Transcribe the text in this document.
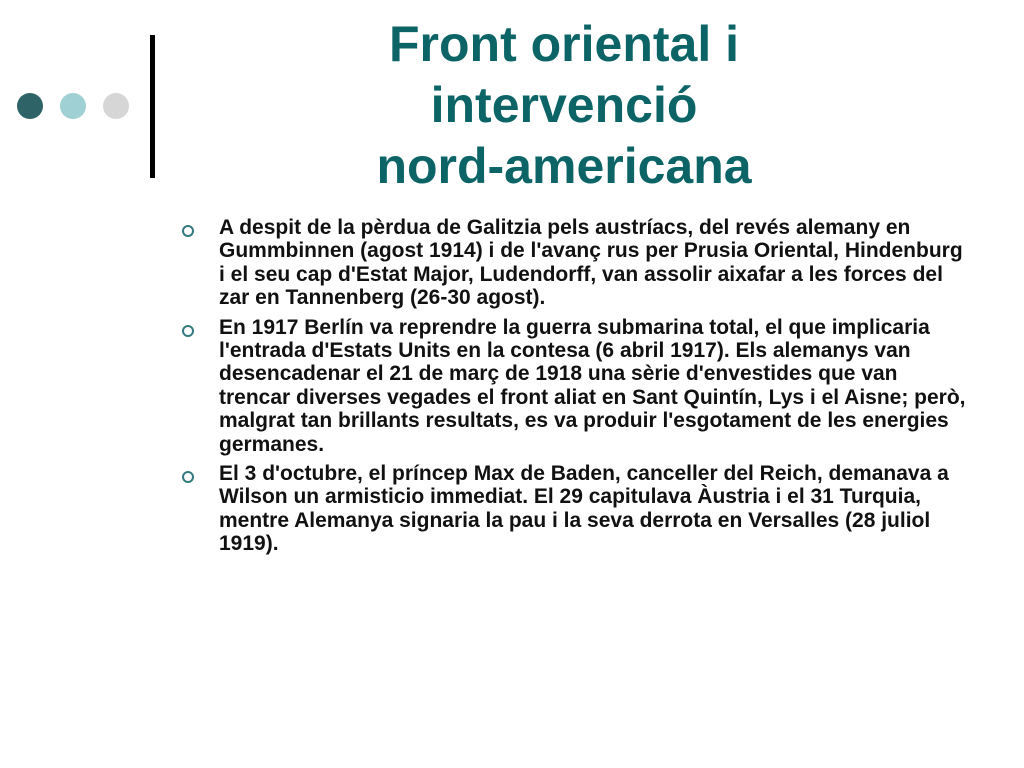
Front oriental i
intervenció
nord-americana
A despit de la pèrdua de Galitzia pels austríacs, del revés alemany en Gummbinnen (agost 1914) i de l'avanç rus per Prusia Oriental, Hindenburg i el seu cap d'Estat Major, Ludendorff, van assolir aixafar a les forces del zar en Tannenberg (26-30 agost).
En 1917 Berlín va reprendre la guerra submarina total, el que implicaria l'entrada d'Estats Units en la contesa (6 abril 1917). Els alemanys van desencadenar el 21 de març de 1918 una sèrie d'envestides que van trencar diverses vegades el front aliat en Sant Quintín, Lys i el Aisne; però, malgrat tan brillants resultats, es va produir l'esgotament de les energies germanes.
El 3 d'octubre, el príncep Max de Baden, canceller del Reich, demanava a Wilson un armisticio immediat. El 29 capitulava Àustria i el 31 Turquia, mentre Alemanya signaria la pau i la seva derrota en Versalles (28 juliol 1919).
